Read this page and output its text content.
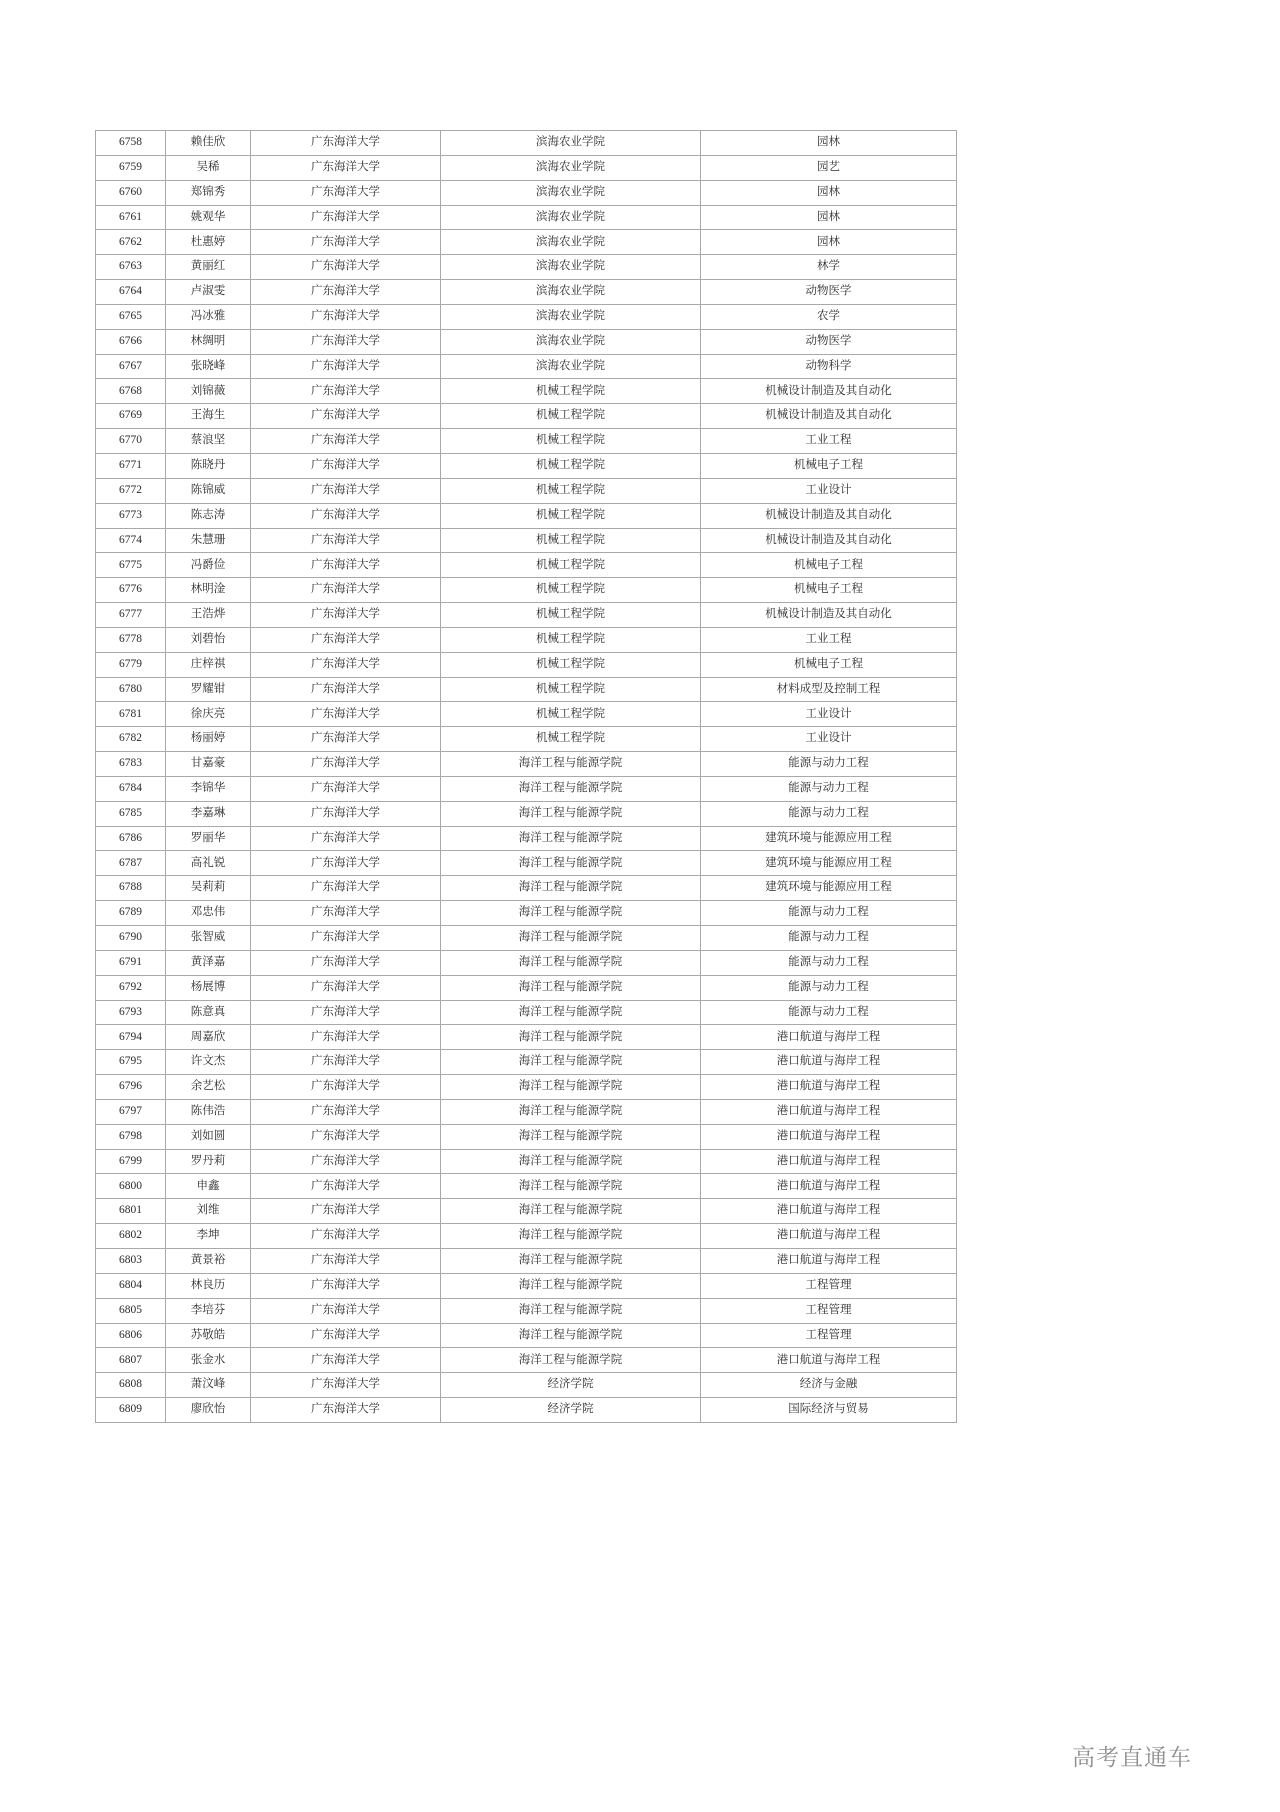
6758	赖佳欣	广东海洋大学	滨海农业学院	园林
6759	吴稀	广东海洋大学	滨海农业学院	园艺
6760	郑锦秀	广东海洋大学	滨海农业学院	园林
6761	姚观华	广东海洋大学	滨海农业学院	园林
6762	杜惠婷	广东海洋大学	滨海农业学院	园林
6763	黄丽红	广东海洋大学	滨海农业学院	林学
6764	卢淑雯	广东海洋大学	滨海农业学院	动物医学
6765	冯冰雅	广东海洋大学	滨海农业学院	农学
6766	林绸明	广东海洋大学	滨海农业学院	动物医学
6767	张晓峰	广东海洋大学	滨海农业学院	动物科学
6768	刘锦薇	广东海洋大学	机械工程学院	机械设计制造及其自动化
6769	王海生	广东海洋大学	机械工程学院	机械设计制造及其自动化
6770	蔡浪坚	广东海洋大学	机械工程学院	工业工程
6771	陈晓丹	广东海洋大学	机械工程学院	机械电子工程
6772	陈锦威	广东海洋大学	机械工程学院	工业设计
6773	陈志涛	广东海洋大学	机械工程学院	机械设计制造及其自动化
6774	朱慧珊	广东海洋大学	机械工程学院	机械设计制造及其自动化
6775	冯爵俭	广东海洋大学	机械工程学院	机械电子工程
6776	林明淦	广东海洋大学	机械工程学院	机械电子工程
6777	王浩烨	广东海洋大学	机械工程学院	机械设计制造及其自动化
6778	刘碧怡	广东海洋大学	机械工程学院	工业工程
6779	庄梓祺	广东海洋大学	机械工程学院	机械电子工程
6780	罗耀钳	广东海洋大学	机械工程学院	材料成型及控制工程
6781	徐庆亮	广东海洋大学	机械工程学院	工业设计
6782	杨丽婷	广东海洋大学	机械工程学院	工业设计
6783	甘嘉豪	广东海洋大学	海洋工程与能源学院	能源与动力工程
6784	李锦华	广东海洋大学	海洋工程与能源学院	能源与动力工程
6785	李嘉琳	广东海洋大学	海洋工程与能源学院	能源与动力工程
6786	罗丽华	广东海洋大学	海洋工程与能源学院	建筑环境与能源应用工程
6787	高礼锐	广东海洋大学	海洋工程与能源学院	建筑环境与能源应用工程
6788	吴莉莉	广东海洋大学	海洋工程与能源学院	建筑环境与能源应用工程
6789	邓忠伟	广东海洋大学	海洋工程与能源学院	能源与动力工程
6790	张智威	广东海洋大学	海洋工程与能源学院	能源与动力工程
6791	黄泽嘉	广东海洋大学	海洋工程与能源学院	能源与动力工程
6792	杨展博	广东海洋大学	海洋工程与能源学院	能源与动力工程
6793	陈意真	广东海洋大学	海洋工程与能源学院	能源与动力工程
6794	周嘉欣	广东海洋大学	海洋工程与能源学院	港口航道与海岸工程
6795	许文杰	广东海洋大学	海洋工程与能源学院	港口航道与海岸工程
6796	余艺松	广东海洋大学	海洋工程与能源学院	港口航道与海岸工程
6797	陈伟浩	广东海洋大学	海洋工程与能源学院	港口航道与海岸工程
6798	刘如圆	广东海洋大学	海洋工程与能源学院	港口航道与海岸工程
6799	罗丹莉	广东海洋大学	海洋工程与能源学院	港口航道与海岸工程
6800	申鑫	广东海洋大学	海洋工程与能源学院	港口航道与海岸工程
6801	刘维	广东海洋大学	海洋工程与能源学院	港口航道与海岸工程
6802	李坤	广东海洋大学	海洋工程与能源学院	港口航道与海岸工程
6803	黄景裕	广东海洋大学	海洋工程与能源学院	港口航道与海岸工程
6804	林良历	广东海洋大学	海洋工程与能源学院	工程管理
6805	李培芬	广东海洋大学	海洋工程与能源学院	工程管理
6806	苏敬皓	广东海洋大学	海洋工程与能源学院	工程管理
6807	张金水	广东海洋大学	海洋工程与能源学院	港口航道与海岸工程
6808	萧汶峰	广东海洋大学	经济学院	经济与金融
6809	廖欣怡	广东海洋大学	经济学院	国际经济与贸易
高考直通车
